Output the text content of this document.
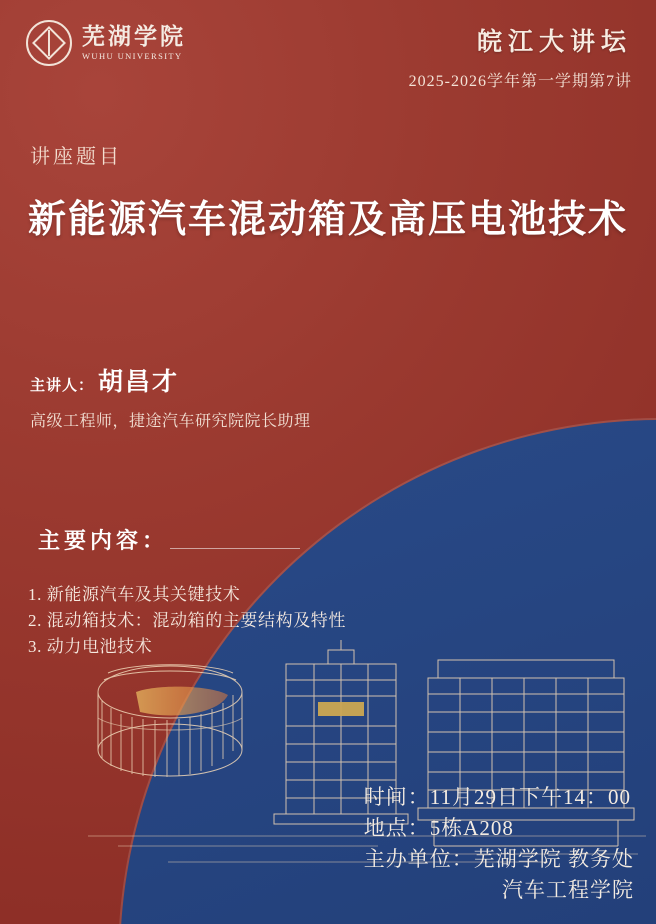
芜湖学院
WUHU UNIVERSITY
皖江大讲坛
2025-2026学年第一学期第7讲
讲座题目
新能源汽车混动箱及高压电池技术
主讲人： 胡昌才
高级工程师，捷途汽车研究院院长助理
主要内容：
1. 新能源汽车及其关键技术
2. 混动箱技术：混动箱的主要结构及特性
3. 动力电池技术
时间：11月29日下午14：00
地点：5栋A208
主办单位：芜湖学院 教务处
汽车工程学院
